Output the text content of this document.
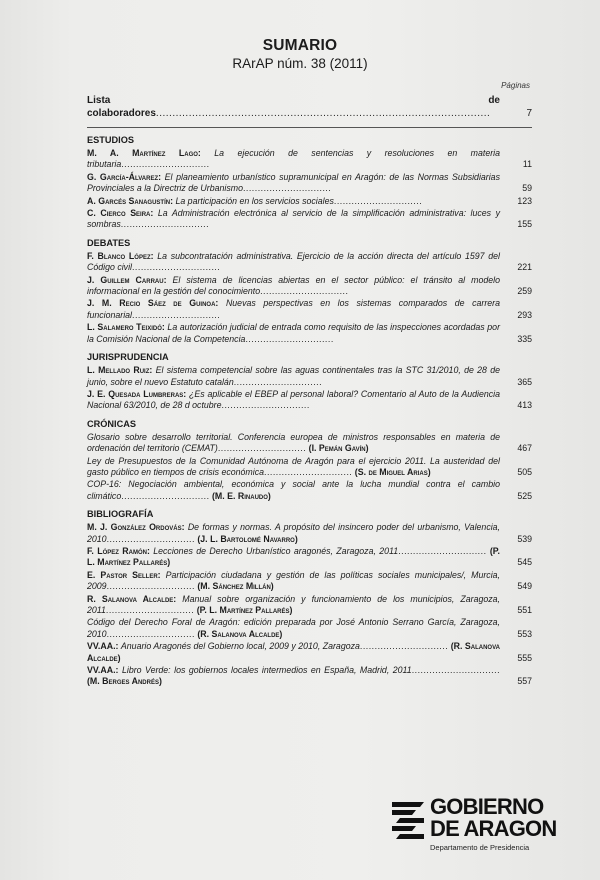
SUMARIO
RArAP núm. 38 (2011)
Páginas
Lista de colaboradores......................................................................................................	7
ESTUDIOS
M. A. Martínez Lago: La ejecución de sentencias y resoluciones en materia tributaria..............................	11
G. García-Álvarez: El planeamiento urbanístico supramunicipal en Aragón: de las Normas Subsidiarias Provinciales a la Directriz de Urbanismo..............................	59
A. Garcés Sanagustín: La participación en los servicios sociales..............................	123
C. Cierco Seira: La Administración electrónica al servicio de la simplificación administrativa: luces y sombras..............................	155
DEBATES
F. Blanco López: La subcontratación administrativa. Ejercicio de la acción directa del artículo 1597 del Código civil..............................	221
J. Guillem Carrau: El sistema de licencias abiertas en el sector público: el tránsito al modelo informacional en la gestión del conocimiento..............................	259
J. M. Recio Sáez de Guinoa: Nuevas perspectivas en los sistemas comparados de carrera funcionarial..............................	293
L. Salamero Teixidó: La autorización judicial de entrada como requisito de las inspecciones acordadas por la Comisión Nacional de la Competencia..............................	335
JURISPRUDENCIA
L. Mellado Ruiz: El sistema competencial sobre las aguas continentales tras la STC 31/2010, de 28 de junio, sobre el nuevo Estatuto catalán..............................	365
J. E. Quesada Lumbreras: ¿Es aplicable el EBEP al personal laboral? Comentario al Auto de la Audiencia Nacional 63/2010, de 28 d octubre..............................	413
CRÓNICAS
Glosario sobre desarrollo territorial. Conferencia europea de ministros responsables en materia de ordenación del territorio (CEMAT).............................. (I. Pemán Gavín)	467
Ley de Presupuestos de la Comunidad Autónoma de Aragón para el ejercicio 2011. La austeridad del gasto público en tiempos de crisis económica.............................. (S. de Miguel Arias)	505
COP-16: Negociación ambiental, económica y social ante la lucha mundial contra el cambio climático.............................. (M. E. Rinaudo)	525
BIBLIOGRAFÍA
M. J. González Ordovás: De formas y normas. A propósito del insincero poder del urbanismo, Valencia, 2010.............................. (J. L. Bartolomé Navarro)	539
F. López Ramón: Lecciones de Derecho Urbanístico aragonés, Zaragoza, 2011.............................. (P. L. Martínez Pallarés)	545
E. Pastor Seller: Participación ciudadana y gestión de las políticas sociales municipales/, Murcia, 2009.............................. (M. Sánchez Millán)	549
R. Salanova Alcalde: Manual sobre organización y funcionamiento de los municipios, Zaragoza, 2011.............................. (P. L. Martínez Pallarés)	551
Código del Derecho Foral de Aragón: edición preparada por José Antonio Serrano García, Zaragoza, 2010.............................. (R. Salanova Alcalde)	553
VV.AA.: Anuario Aragonés del Gobierno local, 2009 y 2010, Zaragoza.............................. (R. Salanova Alcalde)	555
VV.AA.: Libro Verde: los gobiernos locales intermedios en España, Madrid, 2011.............................. (M. Berges Andrés)	557
GOBIERNO
DE ARAGON
Departamento de Presidencia
